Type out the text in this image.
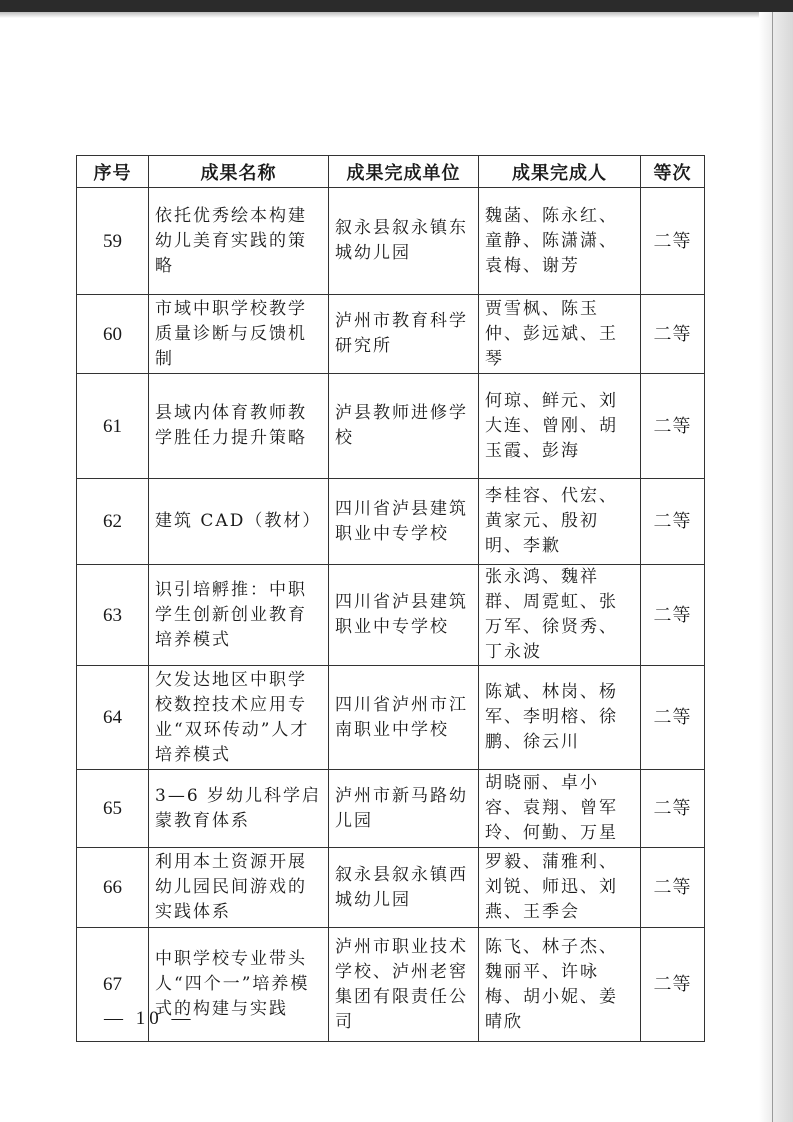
序号	成果名称	成果完成单位	成果完成人	等次
59	依托优秀绘本构建幼儿美育实践的策略	叙永县叙永镇东城幼儿园	魏菡、陈永红、童静、陈潇潇、袁梅、谢芳	二等
60	市域中职学校教学质量诊断与反馈机制	泸州市教育科学研究所	贾雪枫、陈玉仲、彭远斌、王琴	二等
61	县域内体育教师教学胜任力提升策略	泸县教师进修学校	何琼、鲜元、刘大连、曾刚、胡玉霞、彭海	二等
62	建筑 CAD（教材）	四川省泸县建筑职业中专学校	李桂容、代宏、黄家元、殷初明、李歉	二等
63	识引培孵推：中职学生创新创业教育培养模式	四川省泸县建筑职业中专学校	张永鸿、魏祥群、周霓虹、张万军、徐贤秀、丁永波	二等
64	欠发达地区中职学校数控技术应用专业“双环传动”人才培养模式	四川省泸州市江南职业中学校	陈斌、林岗、杨军、李明榕、徐鹏、徐云川	二等
65	3—6 岁幼儿科学启蒙教育体系	泸州市新马路幼儿园	胡晓丽、卓小容、袁翔、曾军玲、何勤、万星	二等
66	利用本土资源开展幼儿园民间游戏的实践体系	叙永县叙永镇西城幼儿园	罗毅、蒲雅利、刘锐、师迅、刘燕、王季会	二等
67	中职学校专业带头人“四个一”培养模式的构建与实践	泸州市职业技术学校、泸州老窖集团有限责任公司	陈飞、林子杰、魏丽平、许咏梅、胡小妮、姜晴欣	二等
— 10 —
